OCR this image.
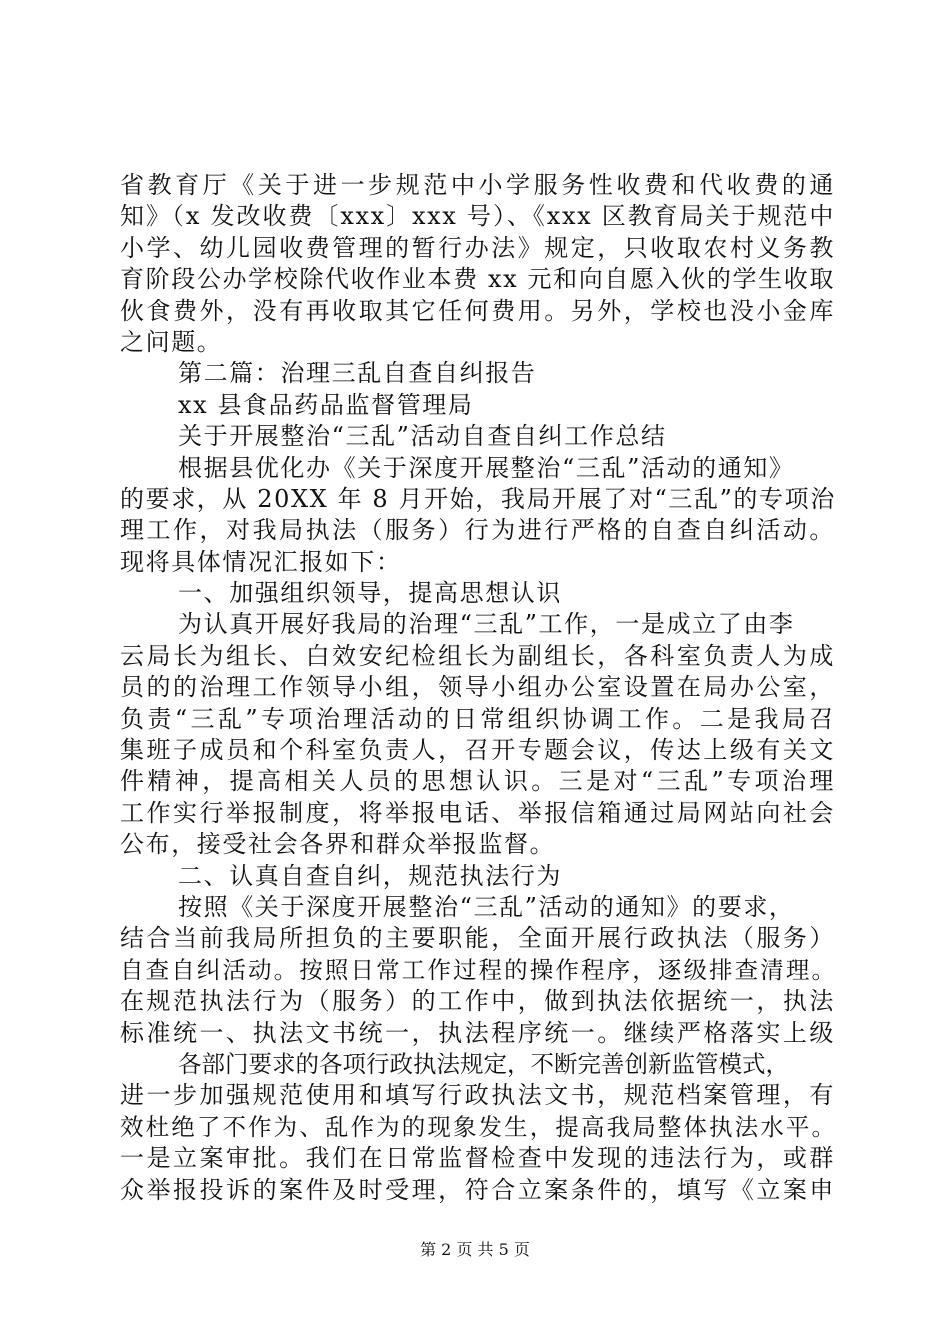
省教育厅《关于进一步规范中小学服务性收费和代收费的通
知》（x 发改收费〔xxx〕xxx 号）、《xxx 区教育局关于规范中
小学、幼儿园收费管理的暂行办法》规定，只收取农村义务教
育阶段公办学校除代收作业本费 xx 元和向自愿入伙的学生收取
伙食费外，没有再收取其它任何费用。另外，学校也没小金库
之问题。
第二篇：治理三乱自查自纠报告
xx 县食品药品监督管理局
关于开展整治“三乱”活动自查自纠工作总结
根据县优化办《关于深度开展整治“三乱”活动的通知》
的要求，从 20XX 年 8 月开始，我局开展了对“三乱”的专项治
理工作，对我局执法（服务）行为进行严格的自查自纠活动。
现将具体情况汇报如下：
一、加强组织领导，提高思想认识
为认真开展好我局的治理“三乱”工作，一是成立了由李
云局长为组长、白效安纪检组长为副组长，各科室负责人为成
员的的治理工作领导小组，领导小组办公室设置在局办公室，
负责“三乱”专项治理活动的日常组织协调工作。二是我局召
集班子成员和个科室负责人，召开专题会议，传达上级有关文
件精神，提高相关人员的思想认识。三是对“三乱”专项治理
工作实行举报制度，将举报电话、举报信箱通过局网站向社会
公布，接受社会各界和群众举报监督。
二、认真自查自纠，规范执法行为
按照《关于深度开展整治“三乱”活动的通知》的要求，
结合当前我局所担负的主要职能，全面开展行政执法（服务）
自查自纠活动。按照日常工作过程的操作程序，逐级排查清理。
在规范执法行为（服务）的工作中，做到执法依据统一，执法
标准统一、执法文书统一，执法程序统一。继续严格落实上级
各部门要求的各项行政执法规定，不断完善创新监管模式，
进一步加强规范使用和填写行政执法文书，规范档案管理，有
效杜绝了不作为、乱作为的现象发生，提高我局整体执法水平。
一是立案审批。我们在日常监督检查中发现的违法行为，或群
众举报投诉的案件及时受理，符合立案条件的，填写《立案申
第 2 页 共 5 页
